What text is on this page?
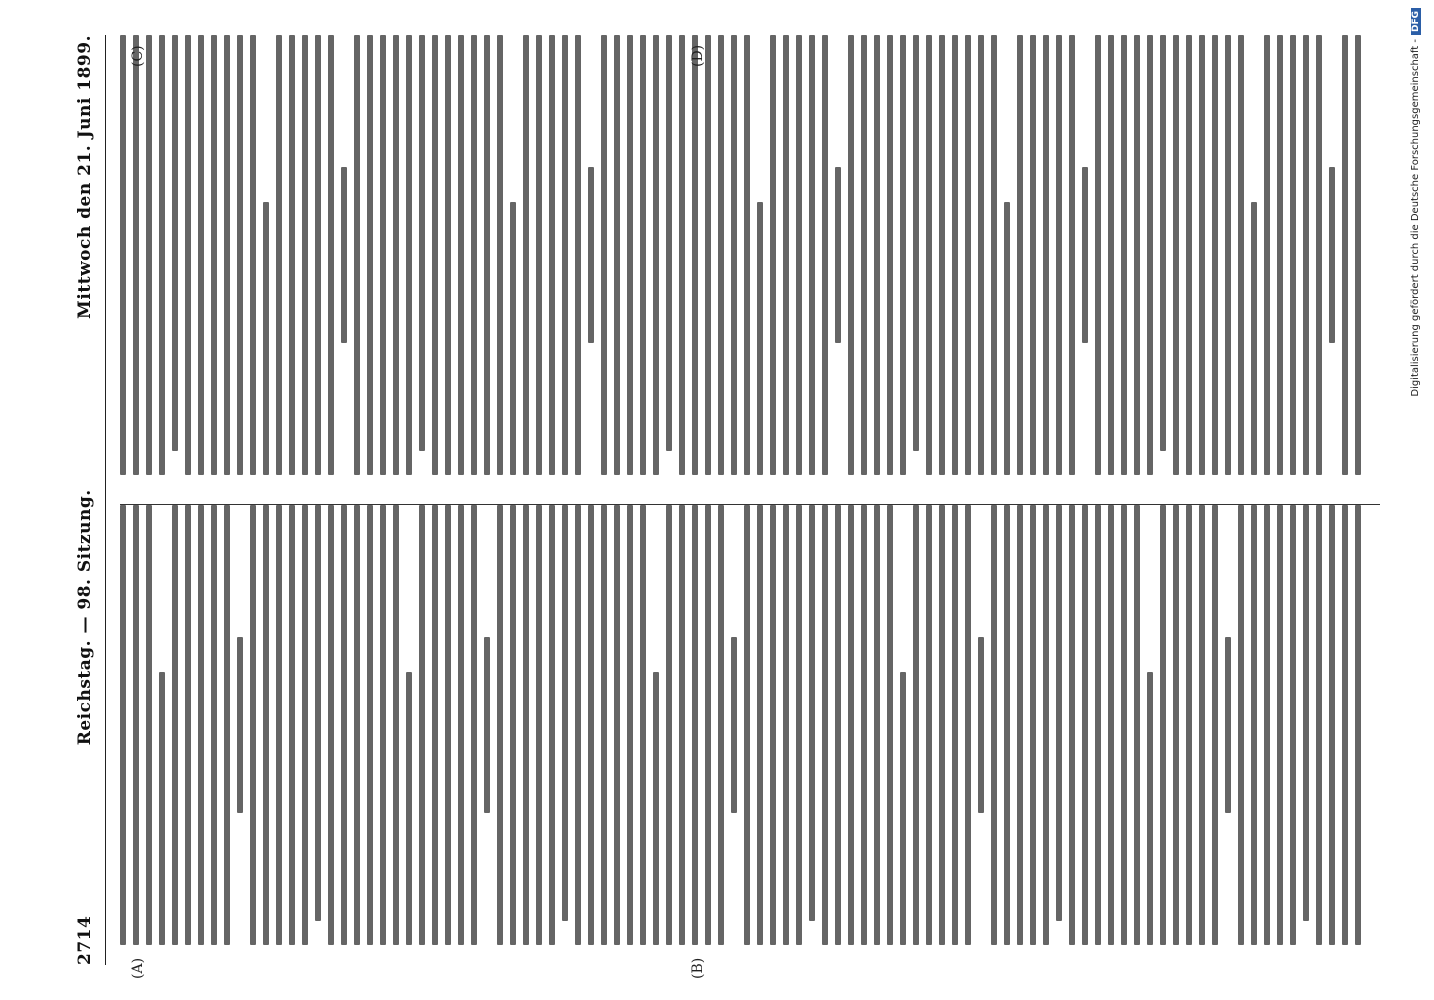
2714
Reichstag. — 98. Sitzung.
Mittwoch den 21. Juni 1899.
(A)	(B)
(C)	(D)	Digitalisierung gefördert durch die Deutsche Forschungsgemeinschaft -DFG
